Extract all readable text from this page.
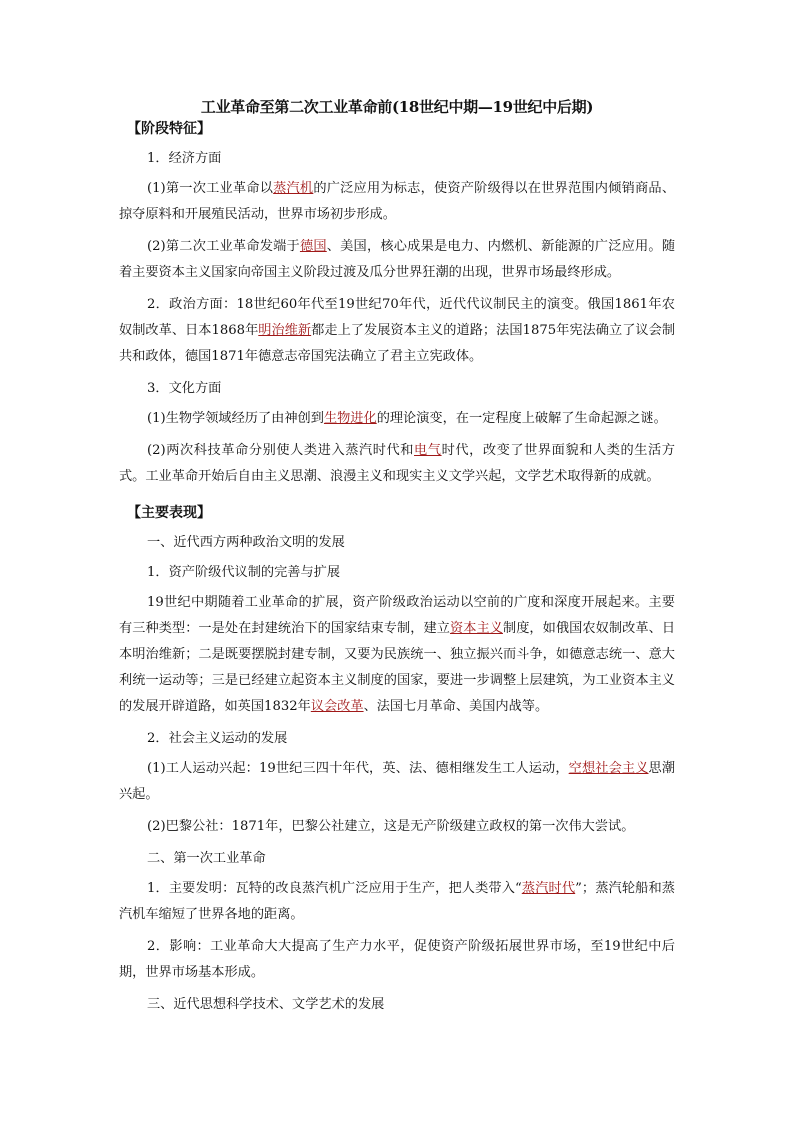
工业革命至第二次工业革命前(18世纪中期—19世纪中后期)
【阶段特征】

1．经济方面

(1)第一次工业革命以蒸汽机的广泛应用为标志，使资产阶级得以在世界范围内倾销商品、掠夺原料和开展殖民活动，世界市场初步形成。

(2)第二次工业革命发端于德国、美国，核心成果是电力、内燃机、新能源的广泛应用。随着主要资本主义国家向帝国主义阶段过渡及瓜分世界狂潮的出现，世界市场最终形成。

2．政治方面：18世纪60年代至19世纪70年代，近代代议制民主的演变。俄国1861年农奴制改革、日本1868年明治维新都走上了发展资本主义的道路；法国1875年宪法确立了议会制共和政体，德国1871年德意志帝国宪法确立了君主立宪政体。

3．文化方面

(1)生物学领域经历了由神创到生物进化的理论演变，在一定程度上破解了生命起源之谜。

(2)两次科技革命分别使人类进入蒸汽时代和电气时代，改变了世界面貌和人类的生活方式。工业革命开始后自由主义思潮、浪漫主义和现实主义文学兴起，文学艺术取得新的成就。

【主要表现】

一、近代西方两种政治文明的发展

1．资产阶级代议制的完善与扩展

19世纪中期随着工业革命的扩展，资产阶级政治运动以空前的广度和深度开展起来。主要有三种类型：一是处在封建统治下的国家结束专制，建立资本主义制度，如俄国农奴制改革、日本明治维新；二是既要摆脱封建专制，又要为民族统一、独立振兴而斗争，如德意志统一、意大利统一运动等；三是已经建立起资本主义制度的国家，要进一步调整上层建筑，为工业资本主义的发展开辟道路，如英国1832年议会改革、法国七月革命、美国内战等。

2．社会主义运动的发展

(1)工人运动兴起：19世纪三四十年代，英、法、德相继发生工人运动，空想社会主义思潮兴起。

(2)巴黎公社：1871年，巴黎公社建立，这是无产阶级建立政权的第一次伟大尝试。

二、第一次工业革命

1．主要发明：瓦特的改良蒸汽机广泛应用于生产，把人类带入“蒸汽时代”；蒸汽轮船和蒸汽机车缩短了世界各地的距离。

2．影响：工业革命大大提高了生产力水平，促使资产阶级拓展世界市场，至19世纪中后期，世界市场基本形成。

三、近代思想科学技术、文学艺术的发展
